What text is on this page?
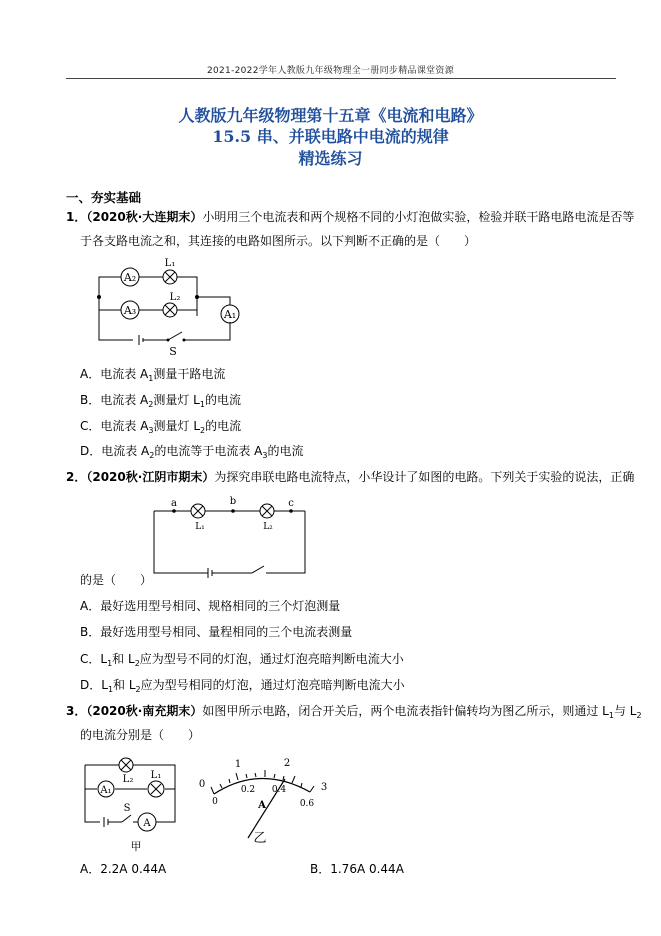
2021-2022学年人教版九年级物理全一册同步精品课堂资源
人教版九年级物理第十五章《电流和电路》
15.5 串、并联电路中电流的规律
精选练习
一、夯实基础
1．（2020秋·大连期末）小明用三个电流表和两个规格不同的小灯泡做实验，检验并联干路电路电流是否等
于各支路电流之和，其连接的电路如图所示。以下判断不正确的是（　　）
A₂
A₃	A₁
L₁
L₂
S
A．电流表 $A_1$测量干路电流
B．电流表 $A_2$测量灯 $L_1$的电流
C．电流表 $A_3$测量灯 $L_2$的电流
D．电流表 $A_2$的电流等于电流表 $A_3$的电流
2．（2020秋·江阴市期末）为探究串联电路电流特点，小华设计了如图的电路。下列关于实验的说法，正确
a	b	c
L₁	L₂
的是（　　）
A．最好选用型号相同、规格相同的三个灯泡测量
B．最好选用型号相同、量程相同的三个电流表测量
C．$L_1$和 $L_2$应为型号不同的灯泡，通过灯泡亮暗判断电流大小
D．$L_1$和 $L_2$应为型号相同的灯泡，通过灯泡亮暗判断电流大小
3．（2020秋·南充期末）如图甲所示电路，闭合开关后，两个电流表指针偏转均为图乙所示，则通过 $L_1$与 $L_2$
的电流分别是（　　）
L₂ L₁
A₁
A
S
甲
0
1	2
3
0
0.2 0.4
0.6
A
乙
A．2.2A 0.44A	B．1.76A 0.44A
